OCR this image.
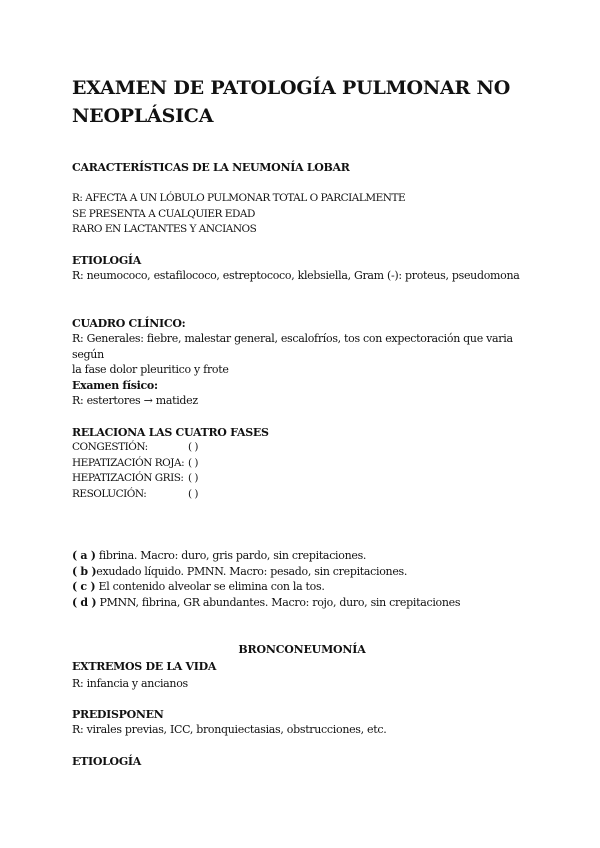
EXAMEN DE PATOLOGÍA PULMONAR NO
NEOPLÁSICA
CARACTERÍSTICAS DE LA NEUMONÍA LOBAR
R: AFECTA A UN LÓBULO PULMONAR TOTAL O PARCIALMENTE
SE PRESENTA A CUALQUIER EDAD
RARO EN LACTANTES Y ANCIANOS
ETIOLOGÍA
R: neumococo, estafilococo, estreptococo, klebsiella, Gram (-): proteus, pseudomona
CUADRO CLÍNICO:
R: Generales: fiebre, malestar general, escalofríos, tos con expectoración que varia según
la fase dolor pleuritico y frote
Examen físico:
R: estertores → matidez
RELACIONA LAS CUATRO FASES
CONGESTIÓN:	( )
HEPATIZACIÓN ROJA: ( )
HEPATIZACIÓN GRIS: ( )
RESOLUCIÓN:	( )
( a ) fibrina. Macro: duro, gris pardo, sin crepitaciones.
( b )exudado líquido. PMNN. Macro: pesado, sin crepitaciones.
( c ) El contenido alveolar se elimina con la tos.
( d ) PMNN, fibrina, GR abundantes. Macro: rojo, duro, sin crepitaciones
BRONCONEUMONÍA
EXTREMOS DE LA VIDA
R: infancia y ancianos
PREDISPONEN
R: virales previas, ICC, bronquiectasias, obstrucciones, etc.
ETIOLOGÍA
